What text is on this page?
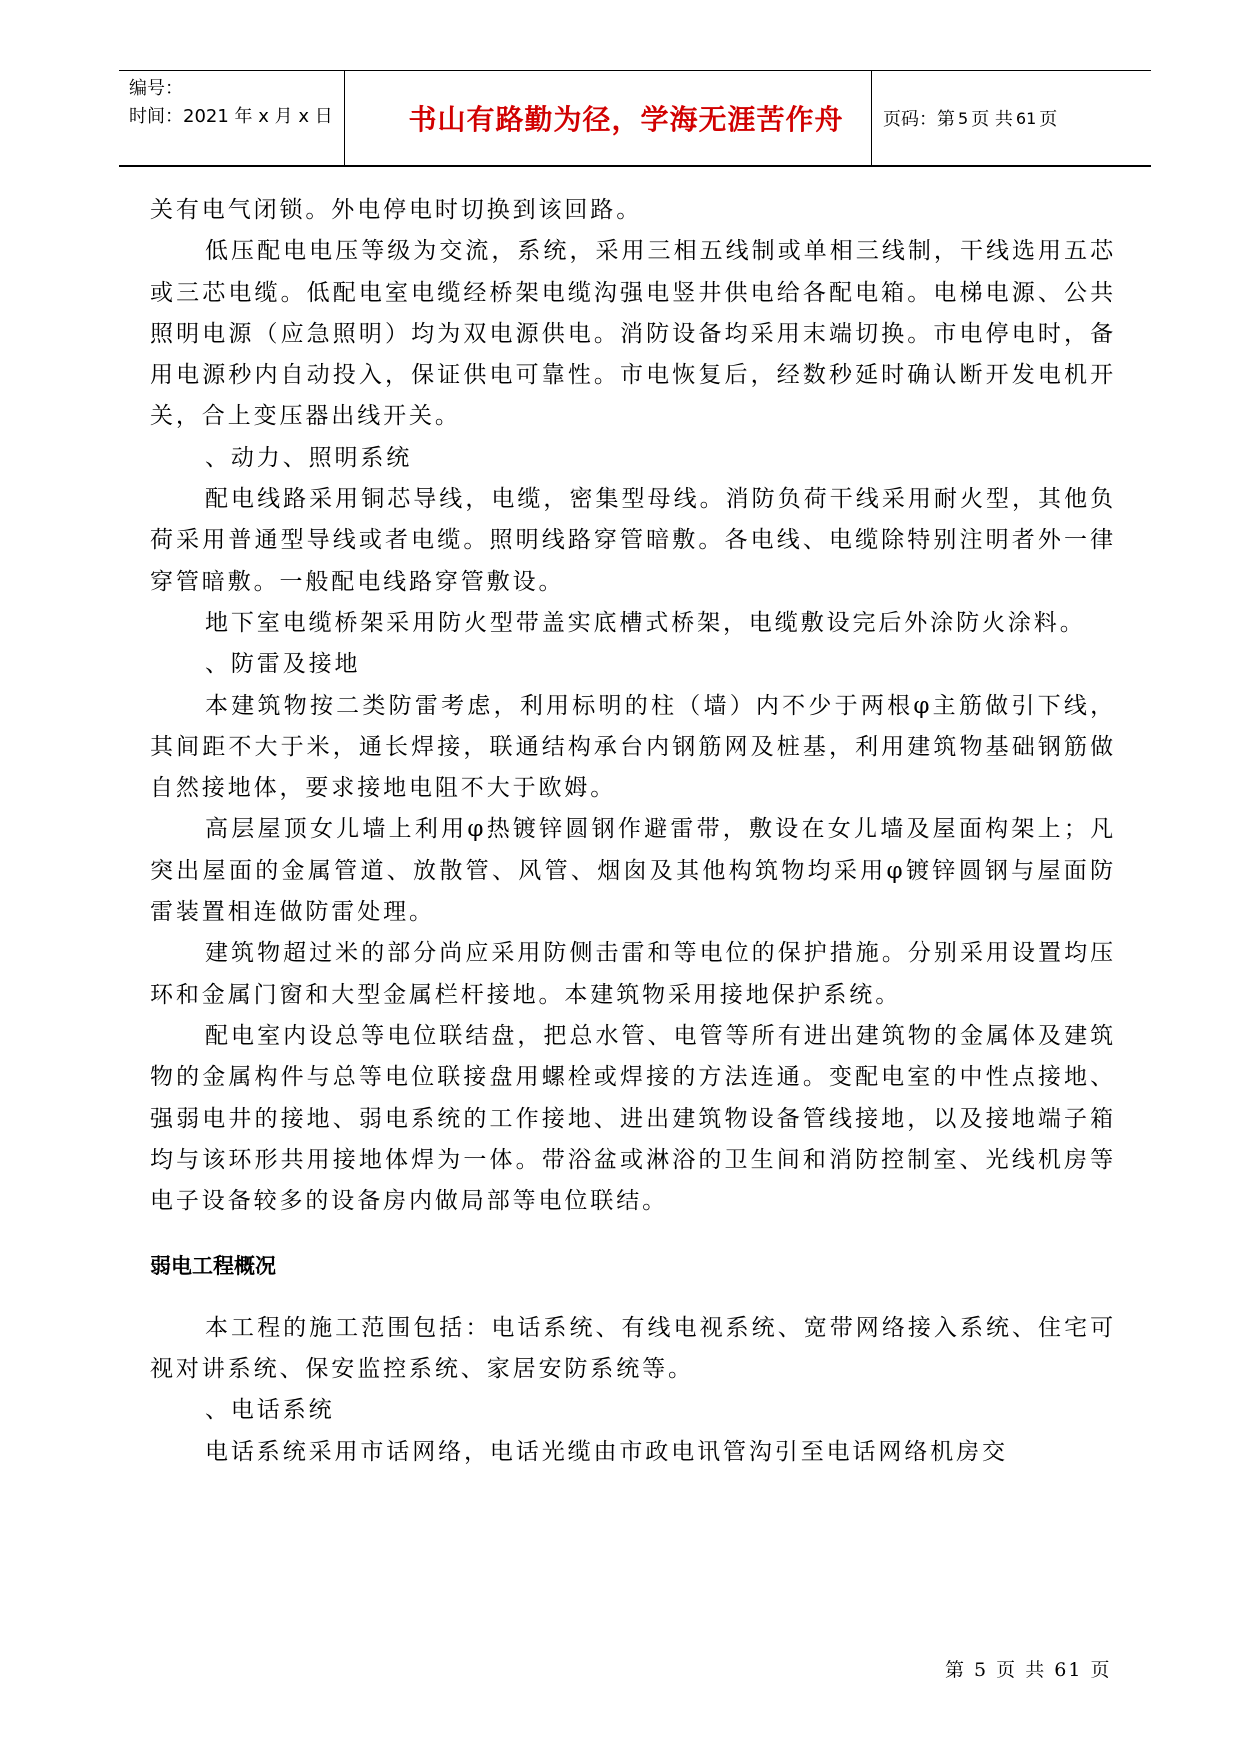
编号：
时间：2021 年 x 月 x 日	书山有路勤为径，学海无涯苦作舟	页码：第 5 页 共 61 页

关有电气闭锁。外电停电时切换到该回路。

低压配电电压等级为交流，系统，采用三相五线制或单相三线制，干线选用五芯或三芯电缆。低配电室电缆经桥架电缆沟强电竖井供电给各配电箱。电梯电源、公共照明电源（应急照明）均为双电源供电。消防设备均采用末端切换。市电停电时，备用电源秒内自动投入，保证供电可靠性。市电恢复后，经数秒延时确认断开发电机开关，合上变压器出线开关。

、动力、照明系统

配电线路采用铜芯导线，电缆，密集型母线。消防负荷干线采用耐火型，其他负荷采用普通型导线或者电缆。照明线路穿管暗敷。各电线、电缆除特别注明者外一律穿管暗敷。一般配电线路穿管敷设。

地下室电缆桥架采用防火型带盖实底槽式桥架，电缆敷设完后外涂防火涂料。

、防雷及接地

本建筑物按二类防雷考虑，利用标明的柱（墙）内不少于两根φ主筋做引下线，其间距不大于米，通长焊接，联通结构承台内钢筋网及桩基，利用建筑物基础钢筋做自然接地体，要求接地电阻不大于欧姆。

高层屋顶女儿墙上利用φ热镀锌圆钢作避雷带，敷设在女儿墙及屋面构架上；凡突出屋面的金属管道、放散管、风管、烟囱及其他构筑物均采用φ镀锌圆钢与屋面防雷装置相连做防雷处理。

建筑物超过米的部分尚应采用防侧击雷和等电位的保护措施。分别采用设置均压环和金属门窗和大型金属栏杆接地。本建筑物采用接地保护系统。

配电室内设总等电位联结盘，把总水管、电管等所有进出建筑物的金属体及建筑物的金属构件与总等电位联接盘用螺栓或焊接的方法连通。变配电室的中性点接地、强弱电井的接地、弱电系统的工作接地、进出建筑物设备管线接地，以及接地端子箱均与该环形共用接地体焊为一体。带浴盆或淋浴的卫生间和消防控制室、光线机房等电子设备较多的设备房内做局部等电位联结。

弱电工程概况

本工程的施工范围包括：电话系统、有线电视系统、宽带网络接入系统、住宅可视对讲系统、保安监控系统、家居安防系统等。

、电话系统

电话系统采用市话网络，电话光缆由市政电讯管沟引至电话网络机房交

第 5 页 共 61 页
